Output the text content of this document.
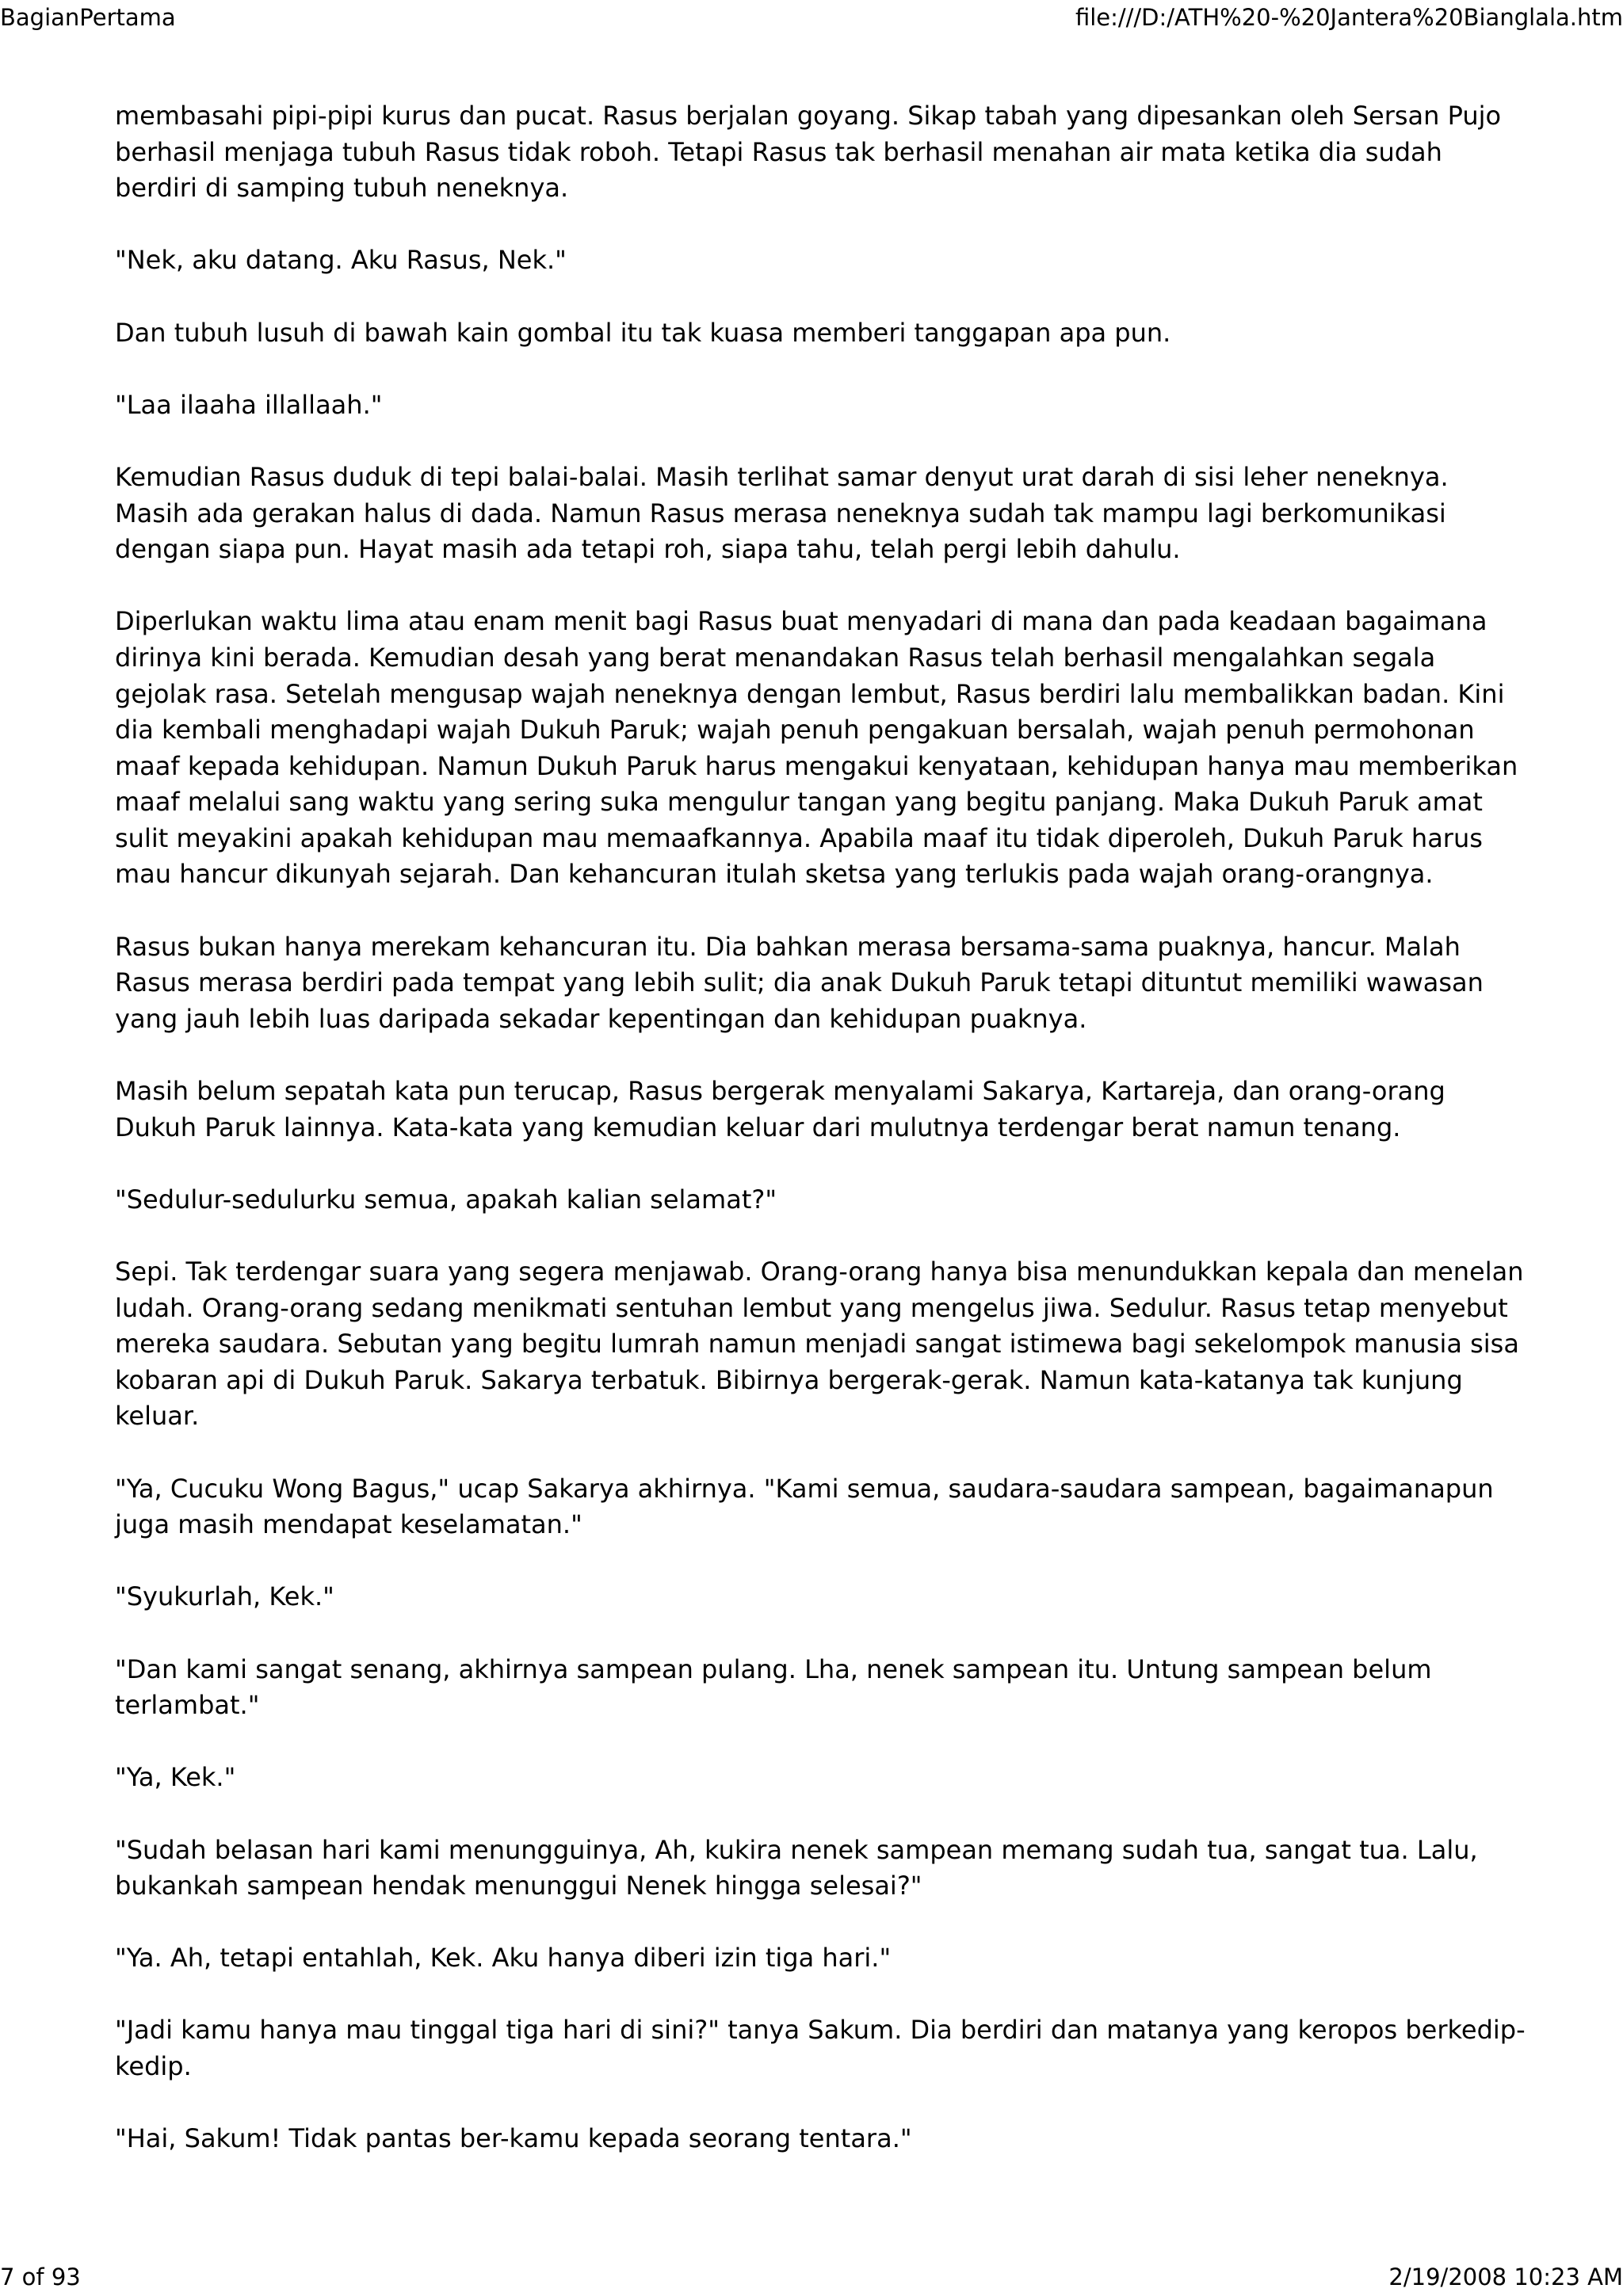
BagianPertama	file:///D:/ATH%20-%20Jantera%20Bianglala.htm

membasahi pipi-pipi kurus dan pucat. Rasus berjalan goyang. Sikap tabah yang dipesankan oleh Sersan Pujo berhasil menjaga tubuh Rasus tidak roboh. Tetapi Rasus tak berhasil menahan air mata ketika dia sudah berdiri di samping tubuh neneknya.

"Nek, aku datang. Aku Rasus, Nek."

Dan tubuh lusuh di bawah kain gombal itu tak kuasa memberi tanggapan apa pun.

"Laa ilaaha illallaah."

Kemudian Rasus duduk di tepi balai-balai. Masih terlihat samar denyut urat darah di sisi leher neneknya. Masih ada gerakan halus di dada. Namun Rasus merasa neneknya sudah tak mampu lagi berkomunikasi dengan siapa pun. Hayat masih ada tetapi roh, siapa tahu, telah pergi lebih dahulu.

Diperlukan waktu lima atau enam menit bagi Rasus buat menyadari di mana dan pada keadaan bagaimana dirinya kini berada. Kemudian desah yang berat menandakan Rasus telah berhasil mengalahkan segala gejolak rasa. Setelah mengusap wajah neneknya dengan lembut, Rasus berdiri lalu membalikkan badan. Kini dia kembali menghadapi wajah Dukuh Paruk; wajah penuh pengakuan bersalah, wajah penuh permohonan maaf kepada kehidupan. Namun Dukuh Paruk harus mengakui kenyataan, kehidupan hanya mau memberikan maaf melalui sang waktu yang sering suka mengulur tangan yang begitu panjang. Maka Dukuh Paruk amat sulit meyakini apakah kehidupan mau memaafkannya. Apabila maaf itu tidak diperoleh, Dukuh Paruk harus mau hancur dikunyah sejarah. Dan kehancuran itulah sketsa yang terlukis pada wajah orang-orangnya.

Rasus bukan hanya merekam kehancuran itu. Dia bahkan merasa bersama-sama puaknya, hancur. Malah Rasus merasa berdiri pada tempat yang lebih sulit; dia anak Dukuh Paruk tetapi dituntut memiliki wawasan yang jauh lebih luas daripada sekadar kepentingan dan kehidupan puaknya.

Masih belum sepatah kata pun terucap, Rasus bergerak menyalami Sakarya, Kartareja, dan orang-orang Dukuh Paruk lainnya. Kata-kata yang kemudian keluar dari mulutnya terdengar berat namun tenang.

"Sedulur-sedulurku semua, apakah kalian selamat?"

Sepi. Tak terdengar suara yang segera menjawab. Orang-orang hanya bisa menundukkan kepala dan menelan ludah. Orang-orang sedang menikmati sentuhan lembut yang mengelus jiwa. Sedulur. Rasus tetap menyebut mereka saudara. Sebutan yang begitu lumrah namun menjadi sangat istimewa bagi sekelompok manusia sisa kobaran api di Dukuh Paruk. Sakarya terbatuk. Bibirnya bergerak-gerak. Namun kata-katanya tak kunjung keluar.

"Ya, Cucuku Wong Bagus," ucap Sakarya akhirnya. "Kami semua, saudara-saudara sampean, bagaimanapun juga masih mendapat keselamatan."

"Syukurlah, Kek."

"Dan kami sangat senang, akhirnya sampean pulang. Lha, nenek sampean itu. Untung sampean belum terlambat."

"Ya, Kek."

"Sudah belasan hari kami menungguinya, Ah, kukira nenek sampean memang sudah tua, sangat tua. Lalu, bukankah sampean hendak menunggui Nenek hingga selesai?"

"Ya. Ah, tetapi entahlah, Kek. Aku hanya diberi izin tiga hari."

"Jadi kamu hanya mau tinggal tiga hari di sini?" tanya Sakum. Dia berdiri dan matanya yang keropos berkedip-kedip.

"Hai, Sakum! Tidak pantas ber-kamu kepada seorang tentara."

7 of 93	2/19/2008 10:23 AM
